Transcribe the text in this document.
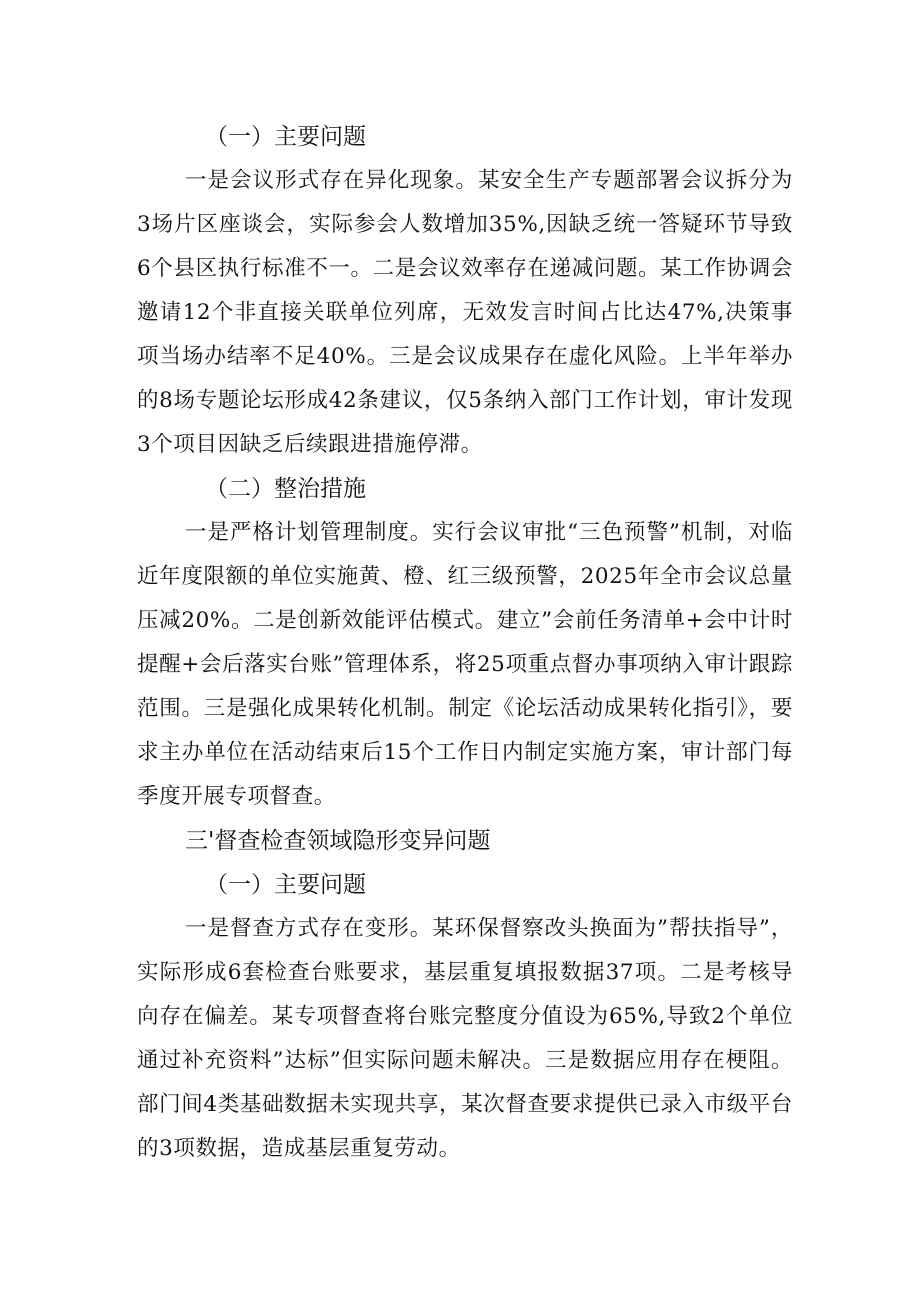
（一）主要问题

一是会议形式存在异化现象。某安全生产专题部署会议拆分为3场片区座谈会，实际参会人数增加35%,因缺乏统一答疑环节导致6个县区执行标准不一。二是会议效率存在递减问题。某工作协调会邀请12个非直接关联单位列席，无效发言时间占比达47%,决策事项当场办结率不足40%。三是会议成果存在虚化风险。上半年举办的8场专题论坛形成42条建议，仅5条纳入部门工作计划，审计发现3个项目因缺乏后续跟进措施停滞。

（二）整治措施

一是严格计划管理制度。实行会议审批“三色预警”机制，对临近年度限额的单位实施黄、橙、红三级预警，2025年全市会议总量压减20%。二是创新效能评估模式。建立”会前任务清单+会中计时提醒+会后落实台账”管理体系，将25项重点督办事项纳入审计跟踪范围。三是强化成果转化机制。制定《论坛活动成果转化指引》，要求主办单位在活动结束后15个工作日内制定实施方案，审计部门每季度开展专项督查。

三'督查检查领域隐形变异问题
（一）主要问题

一是督查方式存在变形。某环保督察改头换面为”帮扶指导”，实际形成6套检查台账要求，基层重复填报数据37项。二是考核导向存在偏差。某专项督查将台账完整度分值设为65%,导致2个单位通过补充资料”达标”但实际问题未解决。三是数据应用存在梗阻。部门间4类基础数据未实现共享，某次督查要求提供已录入市级平台的3项数据，造成基层重复劳动。
